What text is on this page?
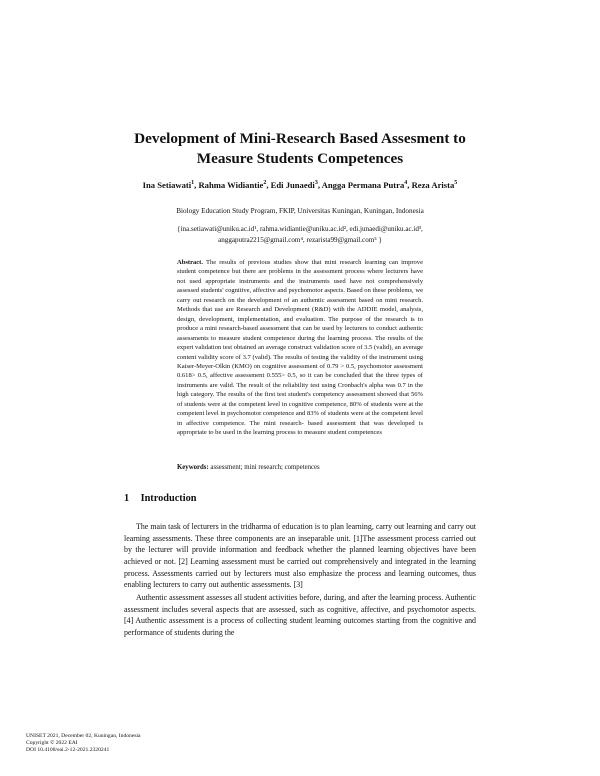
Development of Mini-Research Based Assesment to
Measure Students Competences
Ina Setiawati$^1$, Rahma Widiantie$^2$, Edi Junaedi$^3$, Angga Permana Putra$^4$, Reza Arista$^5$
Biology Education Study Program, FKIP, Universitas Kuningan, Kuningan, Indonesia
{ina.setiawati@uniku.ac.id¹, rahma.widiantie@uniku.ac.id², edi.junaedi@uniku.ac.id³,
anggaputra2215@gmail.com⁴, rezarista99@gmail.com⁵ }

Abstract. The results of previous studies show that mini research learning can improve student competence but there are problems in the assessment process where lecturers have not used appropriate instruments and the instruments used have not comprehensively assessed students' cognitive, affective and psychomotor aspects. Based on these problems, we carry out research on the development of an authentic assessment based on mini research. Methods that use are Research and Development (R&D) with the ADDIE model, analysis, design, development, implementation, and evaluation. The purpose of the research is to produce a mini research-based assessment that can be used by lecturers to conduct authentic assessments to measure student competence during the learning process. The results of the expert validation test obtained an average construct validation score of 3.5 (valid), an average content validity score of 3.7 (valid). The results of testing the validity of the instrument using Kaiser-Meyer-Olkin (KMO) on cognitive assessment of 0.79 > 0.5, psychomotor assessment 0.618> 0.5, affective assessment 0.555> 0.5, so it can be concluded that the three types of instruments are valid. The result of the reliability test using Cronbach's alpha was 0.7 in the high category. The results of the first test student's competency assessment showed that 56% of students were at the competent level in cognitive competence, 80% of students were at the competent level in psychomotor competence and 83% of students were at the competent level in affective competence. The mini research- based assessment that was developed is appropriate to be used in the learning process to measure student competences

Keywords: assessment; mini research; competences

1 Introduction

The main task of lecturers in the tridharma of education is to plan learning, carry out learning and carry out learning assessments. These three components are an inseparable unit. [1]The assessment process carried out by the lecturer will provide information and feedback whether the planned learning objectives have been achieved or not. [2] Learning assessment must be carried out comprehensively and integrated in the learning process. Assessments carried out by lecturers must also emphasize the process and learning outcomes, thus enabling lecturers to carry out authentic assessments. [3]

Authentic assessment assesses all student activities before, during, and after the learning process. Authentic assessment includes several aspects that are assessed, such as cognitive, affective, and psychomotor aspects. [4] Authentic assessment is a process of collecting student learning outcomes starting from the cognitive and performance of students during the

UNISET 2021, December 02, Kuningan, Indonesia
Copyright © 2022 EAI
DOI 10.4108/eai.2-12-2021.2320241
